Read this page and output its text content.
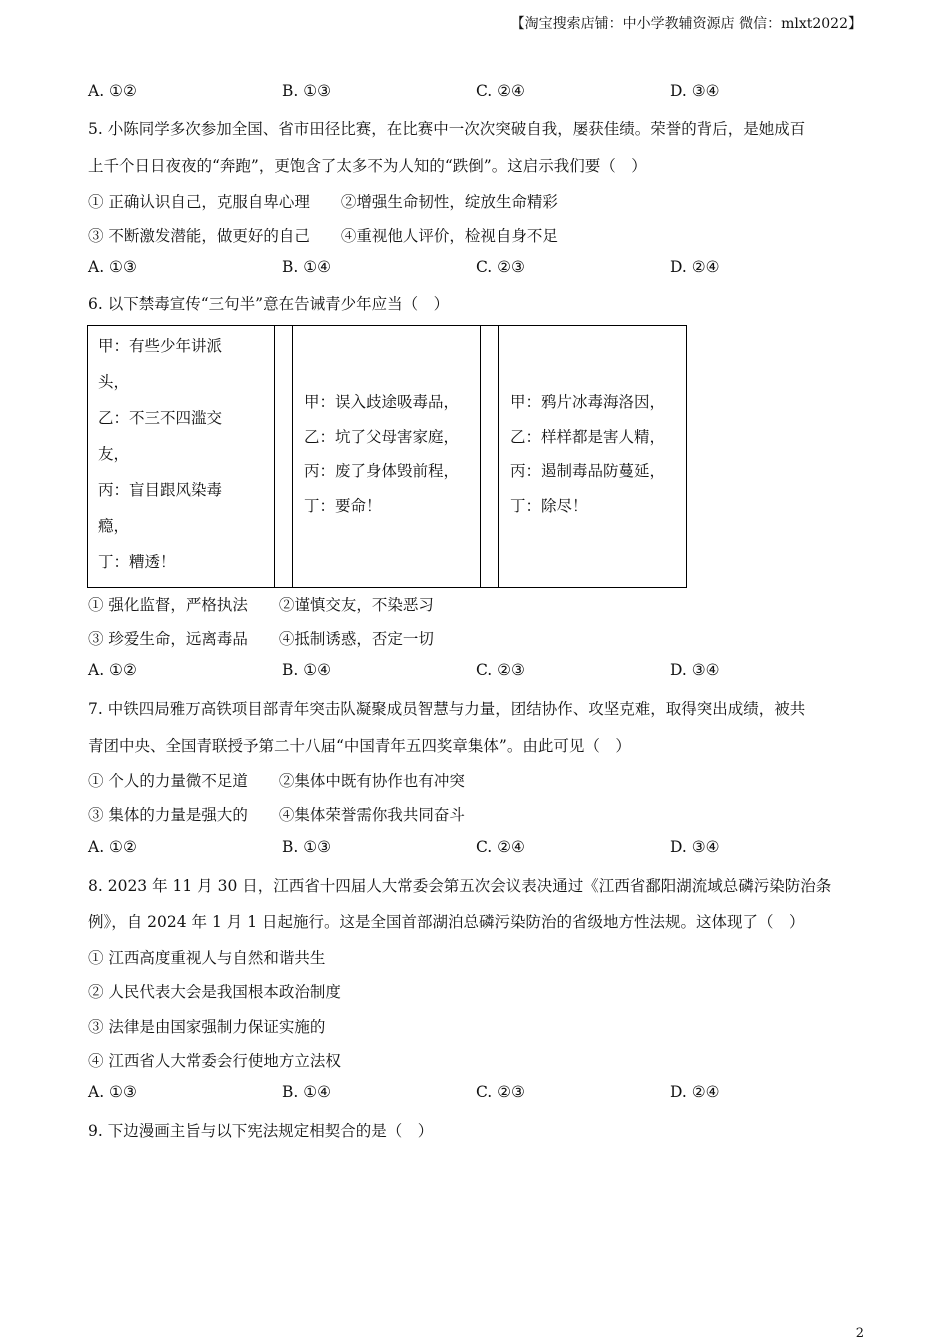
【淘宝搜索店铺：中小学教辅资源店 微信：mlxt2022】
A. ①②	B. ①③	C. ②④	D. ③④
5. 小陈同学多次参加全国、省市田径比赛，在比赛中一次次突破自我，屡获佳绩。荣誉的背后，是她成百
上千个日日夜夜的“奔跑”，更饱含了太多不为人知的“跌倒”。这启示我们要（　）
① 正确认识自己，克服自卑心理　　②增强生命韧性，绽放生命精彩
③ 不断激发潜能，做更好的自己　　④重视他人评价，检视自身不足
A. ①③	B. ①④	C. ②③	D. ②④
6. 以下禁毒宣传“三句半”意在告诫青少年应当（　）
甲：有些少年讲派
头，
乙：不三不四滥交
友，
丙：盲目跟风染毒
瘾，
丁：糟透！
甲：误入歧途吸毒品，
乙：坑了父母害家庭，
丙：废了身体毁前程，
丁：要命！
甲：鸦片冰毒海洛因，
乙：样样都是害人精，
丙：遏制毒品防蔓延，
丁：除尽！
① 强化监督，严格执法　　②谨慎交友，不染恶习
③ 珍爱生命，远离毒品　　④抵制诱惑，否定一切
A. ①②	B. ①④	C. ②③	D. ③④
7. 中铁四局雅万高铁项目部青年突击队凝聚成员智慧与力量，团结协作、攻坚克难，取得突出成绩，被共
青团中央、全国青联授予第二十八届“中国青年五四奖章集体”。由此可见（　）
① 个人的力量微不足道　　②集体中既有协作也有冲突
③ 集体的力量是强大的　　④集体荣誉需你我共同奋斗
A. ①②	B. ①③	C. ②④	D. ③④
8. 2023 年 11 月 30 日，江西省十四届人大常委会第五次会议表决通过《江西省鄱阳湖流域总磷污染防治条
例》，自 2024 年 1 月 1 日起施行。这是全国首部湖泊总磷污染防治的省级地方性法规。这体现了（　）
① 江西高度重视人与自然和谐共生
② 人民代表大会是我国根本政治制度
③ 法律是由国家强制力保证实施的
④ 江西省人大常委会行使地方立法权
A. ①③	B. ①④	C. ②③	D. ②④
9. 下边漫画主旨与以下宪法规定相契合的是（　）
2
